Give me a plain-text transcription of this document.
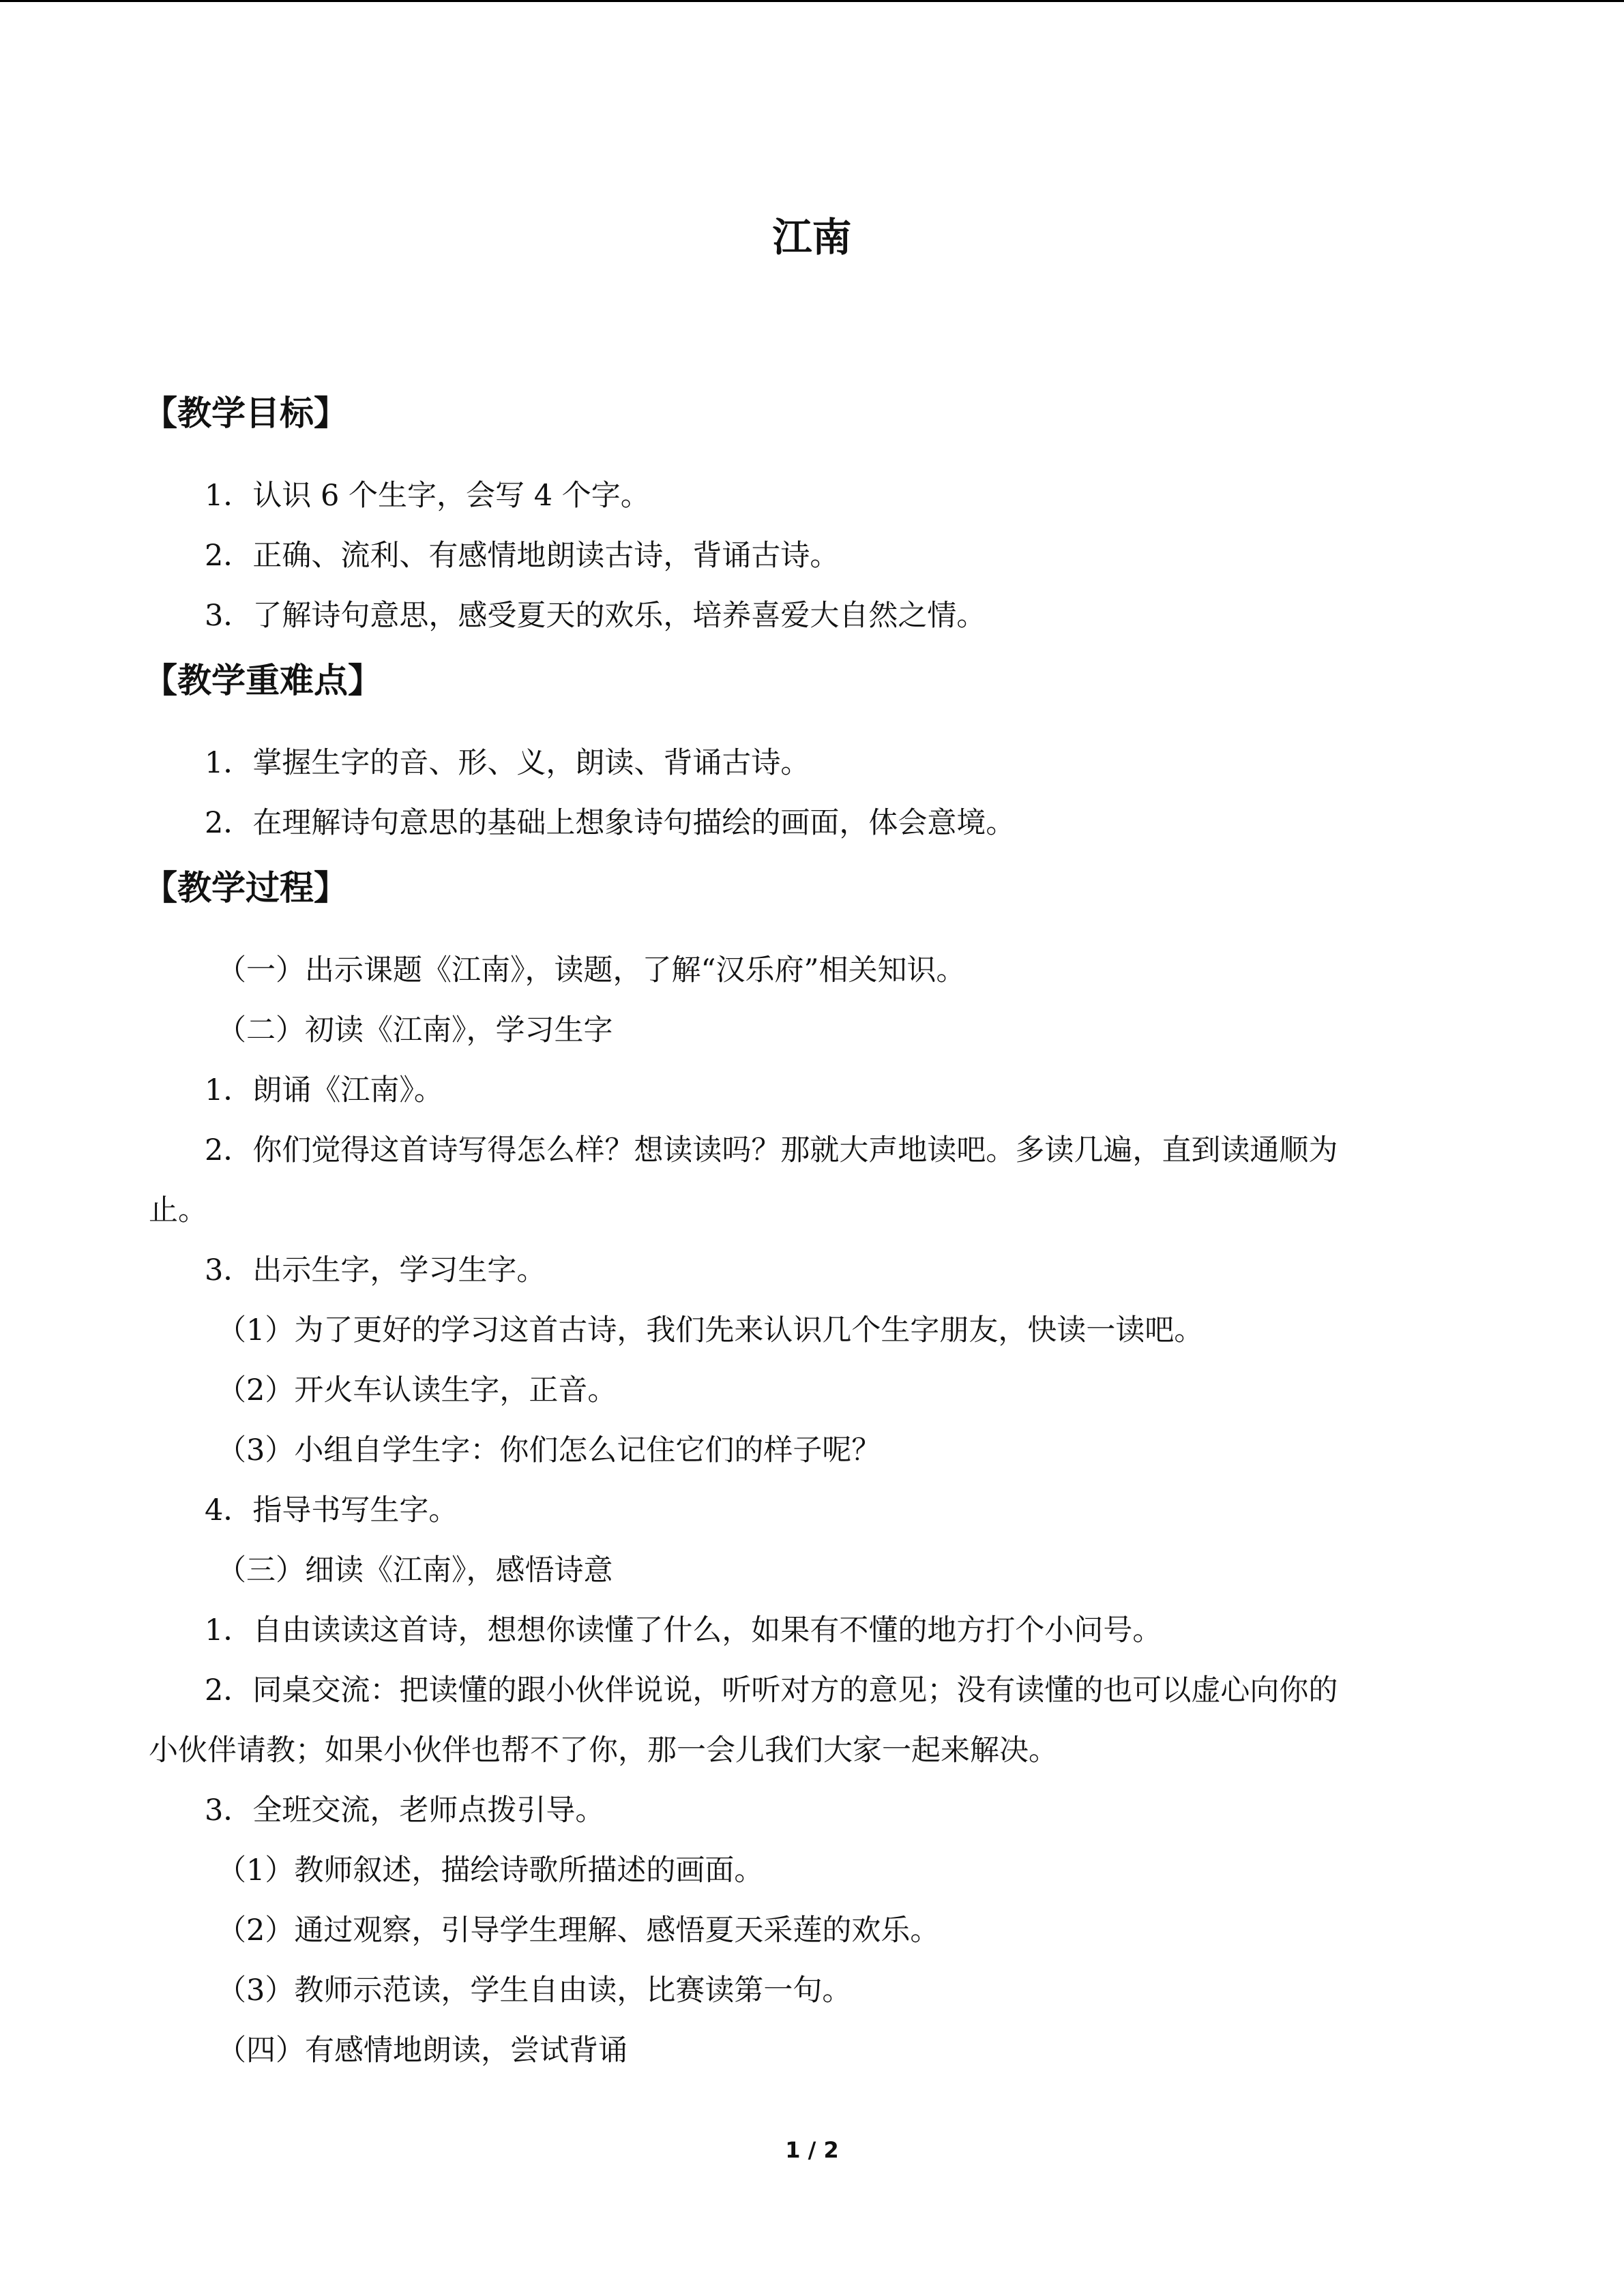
江南
【教学目标】
1．认识 6 个生字，会写 4 个字。
2．正确、流利、有感情地朗读古诗，背诵古诗。
3．了解诗句意思，感受夏天的欢乐，培养喜爱大自然之情。
【教学重难点】
1．掌握生字的音、形、义，朗读、背诵古诗。
2．在理解诗句意思的基础上想象诗句描绘的画面，体会意境。
【教学过程】
（一）出示课题《江南》，读题，了解“汉乐府”相关知识。
（二）初读《江南》，学习生字
1．朗诵《江南》。
2．你们觉得这首诗写得怎么样？想读读吗？那就大声地读吧。多读几遍，直到读通顺为
止。
3．出示生字，学习生字。
（1）为了更好的学习这首古诗，我们先来认识几个生字朋友，快读一读吧。
（2）开火车认读生字，正音。
（3）小组自学生字：你们怎么记住它们的样子呢？
4．指导书写生字。
（三）细读《江南》，感悟诗意
1．自由读读这首诗，想想你读懂了什么，如果有不懂的地方打个小问号。
2．同桌交流：把读懂的跟小伙伴说说，听听对方的意见；没有读懂的也可以虚心向你的
小伙伴请教；如果小伙伴也帮不了你，那一会儿我们大家一起来解决。
3．全班交流，老师点拨引导。
（1）教师叙述，描绘诗歌所描述的画面。
（2）通过观察，引导学生理解、感悟夏天采莲的欢乐。
（3）教师示范读，学生自由读，比赛读第一句。
（四）有感情地朗读，尝试背诵
1 / 2
